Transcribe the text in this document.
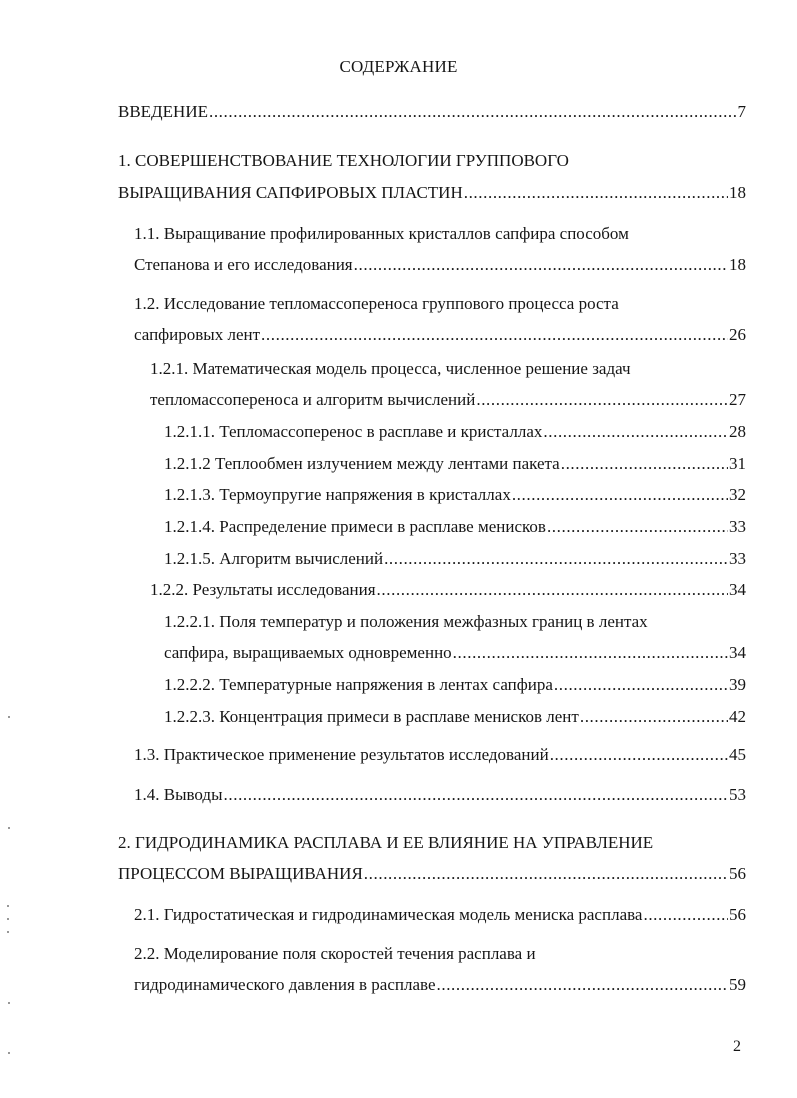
СОДЕРЖАНИЕ
ВВЕДЕНИЕ .....	7
1. СОВЕРШЕНСТВОВАНИЕ ТЕХНОЛОГИИ ГРУППОВОГО
ВЫРАЩИВАНИЯ САПФИРОВЫХ ПЛАСТИН .....	18
1.1. Выращивание профилированных кристаллов сапфира способом
Степанова и его исследования .....	18
1.2. Исследование тепломассопереноса группового процесса роста
сапфировых лент .....	26
1.2.1. Математическая модель процесса, численное решение задач
тепломассопереноса и алгоритм вычислений .....	27
1.2.1.1. Тепломассоперенос в расплаве и кристаллах .....	28
1.2.1.2 Теплообмен излучением между лентами пакета .....	31
1.2.1.3. Термоупругие напряжения в кристаллах .....	32
1.2.1.4. Распределение примеси в расплаве менисков .....	33
1.2.1.5. Алгоритм вычислений .....	33
1.2.2. Результаты исследования .....	34
1.2.2.1. Поля температур и положения межфазных границ в лентах
сапфира, выращиваемых одновременно .....	34
1.2.2.2. Температурные напряжения в лентах сапфира .....	39
1.2.2.3. Концентрация примеси в расплаве менисков лент .....	42
1.3. Практическое применение результатов исследований .....	45
1.4. Выводы .....	53
2. ГИДРОДИНАМИКА РАСПЛАВА И ЕЕ ВЛИЯНИЕ НА УПРАВЛЕНИЕ
ПРОЦЕССОМ ВЫРАЩИВАНИЯ .....	56
2.1. Гидростатическая и гидродинамическая модель мениска расплава .....	56
2.2. Моделирование поля скоростей течения расплава и
гидродинамического давления в расплаве .....	59
2
